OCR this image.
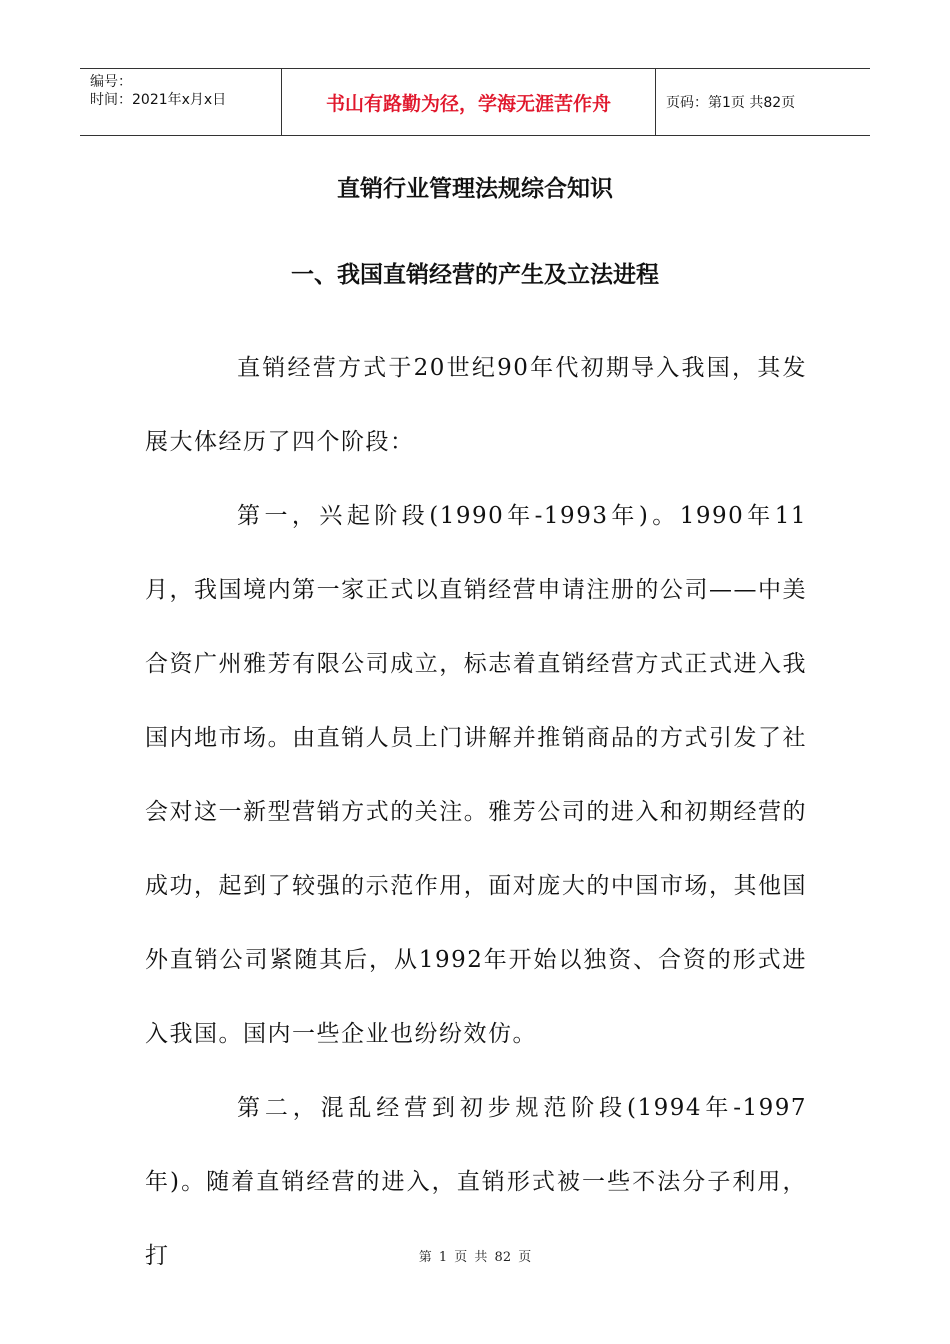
编号：
时间：2021年x月x日	书山有路勤为径，学海无涯苦作舟	页码：第1页 共82页
直销行业管理法规综合知识
一、我国直销经营的产生及立法进程

直销经营方式于20世纪90年代初期导入我国，其发展大体经历了四个阶段：

第一，兴起阶段(1990年-1993年)。1990年11月，我国境内第一家正式以直销经营申请注册的公司——中美合资广州雅芳有限公司成立，标志着直销经营方式正式进入我国内地市场。由直销人员上门讲解并推销商品的方式引发了社会对这一新型营销方式的关注。雅芳公司的进入和初期经营的成功，起到了较强的示范作用，面对庞大的中国市场，其他国外直销公司紧随其后，从1992年开始以独资、合资的形式进入我国。国内一些企业也纷纷效仿。

第二，混乱经营到初步规范阶段(1994年-1997年)。随着直销经营的进入，直销形式被一些不法分子利用，打	第 1 页 共 82 页
